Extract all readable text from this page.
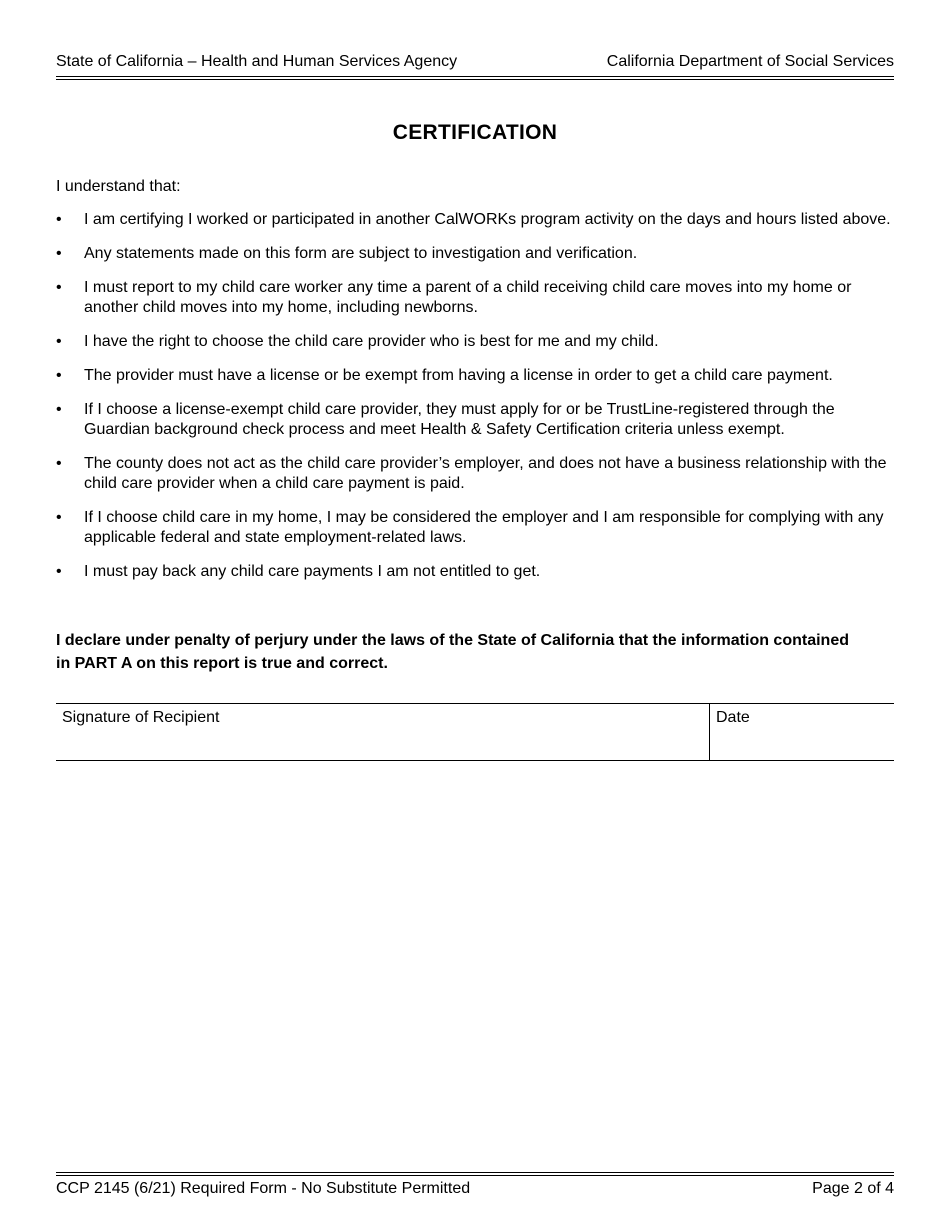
State of California – Health and Human Services Agency	California Department of Social Services
CERTIFICATION
I understand that:
• I am certifying I worked or participated in another CalWORKs program activity on the days and hours listed above.
• Any statements made on this form are subject to investigation and verification.
• I must report to my child care worker any time a parent of a child receiving child care moves into my home or another child moves into my home, including newborns.
• I have the right to choose the child care provider who is best for me and my child.
• The provider must have a license or be exempt from having a license in order to get a child care payment.
• If I choose a license-exempt child care provider, they must apply for or be TrustLine-registered through the Guardian background check process and meet Health & Safety Certification criteria unless exempt.
• The county does not act as the child care provider’s employer, and does not have a business relationship with the child care provider when a child care payment is paid.
• If I choose child care in my home, I may be considered the employer and I am responsible for complying with any applicable federal and state employment-related laws.
• I must pay back any child care payments I am not entitled to get.
I declare under penalty of perjury under the laws of the State of California that the information contained in PART A on this report is true and correct.
Signature of Recipient	Date
CCP 2145 (6/21) Required Form - No Substitute Permitted	Page 2 of 4
